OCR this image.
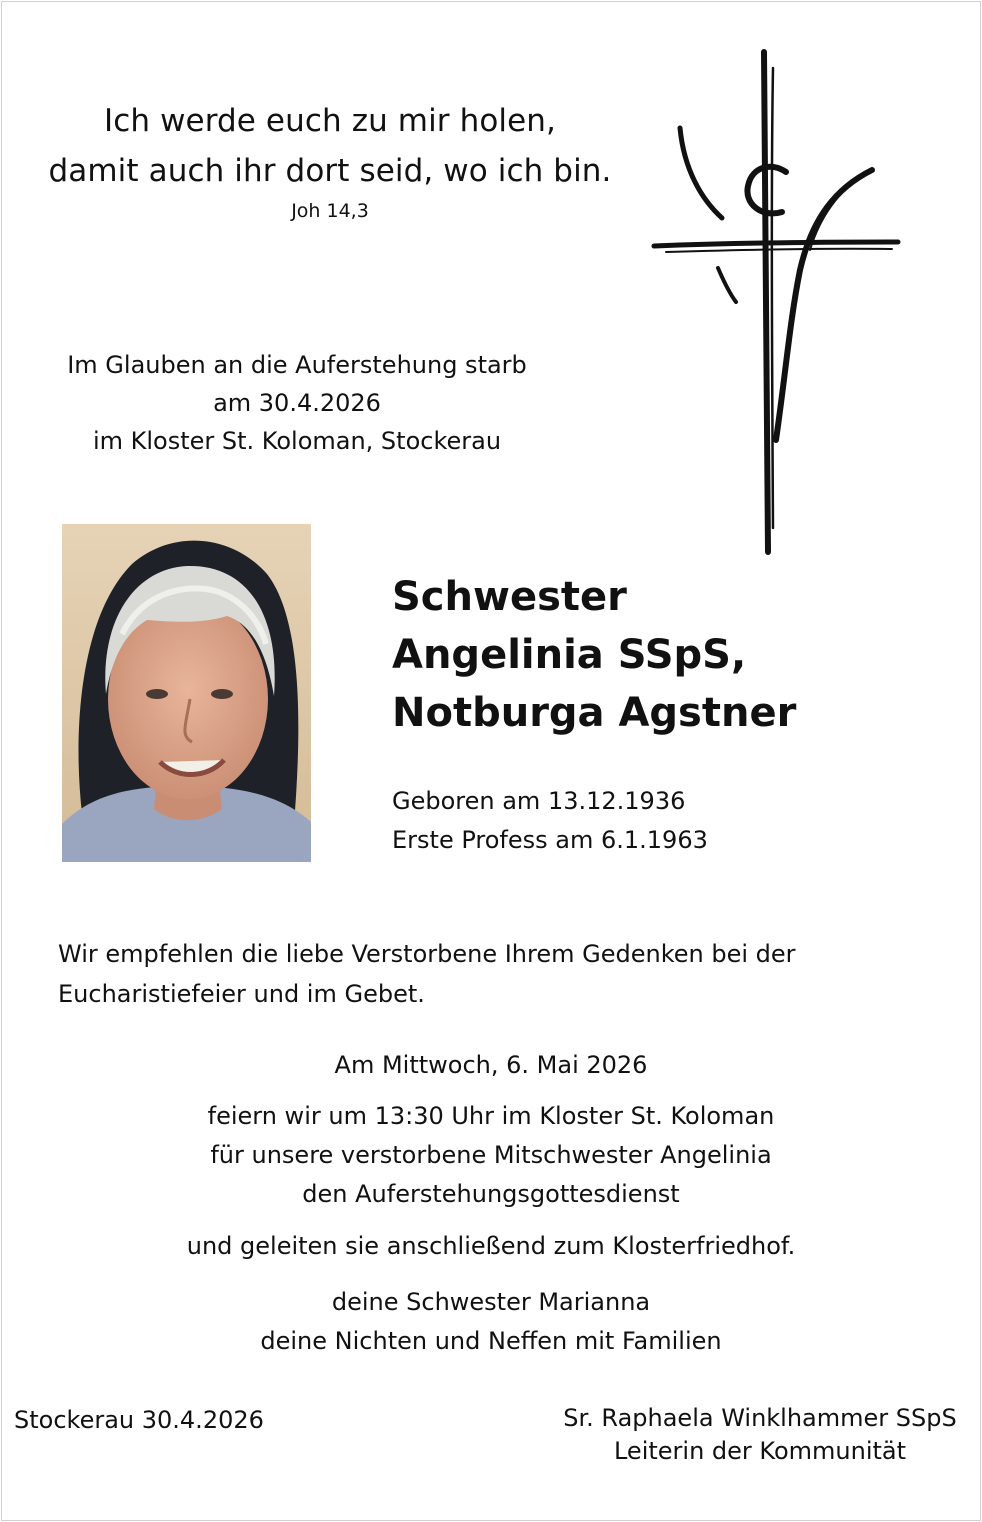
Ich werde euch zu mir holen,
damit auch ihr dort seid, wo ich bin.
Joh 14,3
Im Glauben an die Auferstehung starb
am 30.4.2026
im Kloster St. Koloman, Stockerau
Schwester
Angelinia SSpS,
Notburga Agstner
Geboren am 13.12.1936
Erste Profess am 6.1.1963
Wir empfehlen die liebe Verstorbene Ihrem Gedenken bei der
Eucharistiefeier und im Gebet.
Am Mittwoch, 6. Mai 2026
feiern wir um 13:30 Uhr im Kloster St. Koloman
für unsere verstorbene Mitschwester Angelinia
den Auferstehungsgottesdienst
und geleiten sie anschließend zum Klosterfriedhof.
deine Schwester Marianna
deine Nichten und Neffen mit Familien
Stockerau 30.4.2026	Sr. Raphaela Winklhammer SSpS
Leiterin der Kommunität
